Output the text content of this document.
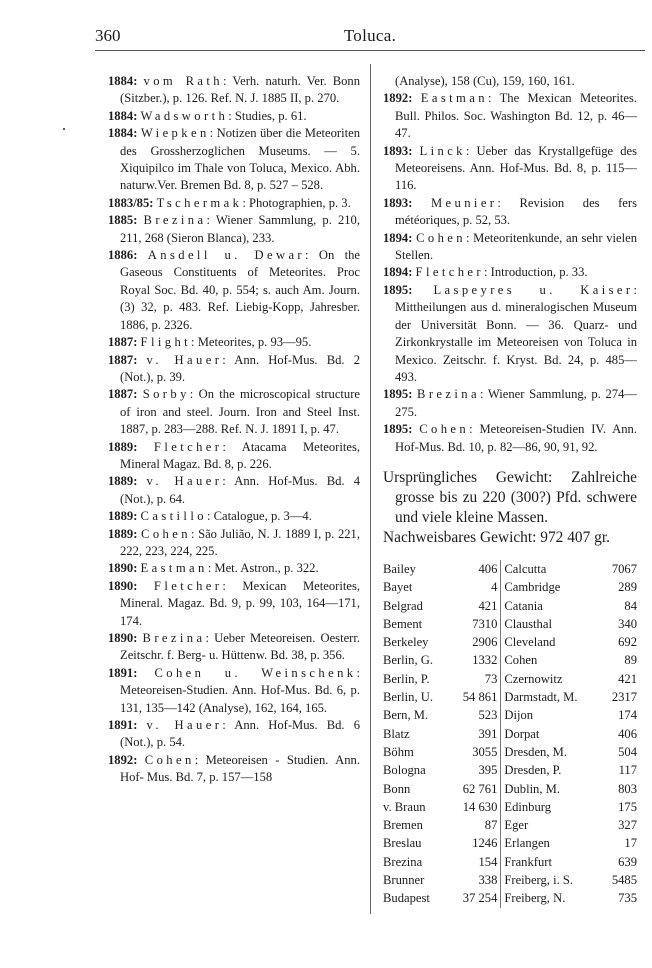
360	Toluca.

1884: vom Rath: Verh. naturh. Ver. Bonn (Sitzber.), p. 126. Ref. N. J. 1885 II, p. 270.

1884: Wadsworth: Studies, p. 61.

1884: Wiepken: Notizen über die Meteoriten des Grossherzoglichen Museums. — 5. Xiquipilco im Thale von Toluca, Mexico. Abh. naturw.Ver. Bremen Bd. 8, p. 527 – 528.

1883/85: Tschermak: Photographien, p. 3.

1885: Brezina: Wiener Sammlung, p. 210, 211, 268 (Sieron Blanca), 233.

1886: Ansdell u. Dewar: On the Gaseous Constituents of Meteorites. Proc Royal Soc. Bd. 40, p. 554; s. auch Am. Journ. (3) 32, p. 483. Ref. Liebig-Kopp, Jahresber. 1886, p. 2326.

1887: Flight: Meteorites, p. 93—95.

1887: v. Hauer: Ann. Hof-Mus. Bd. 2 (Not.), p. 39.

1887: Sorby: On the microscopical structure of iron and steel. Journ. Iron and Steel Inst. 1887, p. 283—288. Ref. N. J. 1891 I, p. 47.

1889: Fletcher: Atacama Meteorites, Mineral Magaz. Bd. 8, p. 226.

1889: v. Hauer: Ann. Hof-Mus. Bd. 4 (Not.), p. 64.

1889: Castillo: Catalogue, p. 3—4.

1889: Cohen: São Julião, N. J. 1889 I, p. 221, 222, 223, 224, 225.

1890: Eastman: Met. Astron., p. 322.

1890: Fletcher: Mexican Meteorites, Mineral. Magaz. Bd. 9, p. 99, 103, 164—171, 174.

1890: Brezina: Ueber Meteoreisen. Oesterr. Zeitschr. f. Berg- u. Hüttenw. Bd. 38, p. 356.

1891: Cohen u. Weinschenk: Meteoreisen-Studien. Ann. Hof-Mus. Bd. 6, p. 131, 135—142 (Analyse), 162, 164, 165.

1891: v. Hauer: Ann. Hof-Mus. Bd. 6 (Not.), p. 54.

1892: Cohen: Meteoreisen - Studien. Ann. Hof- Mus. Bd. 7, p. 157—158

(Analyse), 158 (Cu), 159, 160, 161.

1892: Eastman: The Mexican Meteorites. Bull. Philos. Soc. Washington Bd. 12, p. 46—47.

1893: Linck: Ueber das Krystallgefüge des Meteoreisens. Ann. Hof-Mus. Bd. 8, p. 115—116.

1893: Meunier: Revision des fers météoriques, p. 52, 53.

1894: Cohen: Meteoritenkunde, an sehr vielen Stellen.

1894: Fletcher: Introduction, p. 33.

1895: Laspeyres u. Kaiser: Mittheilungen aus d. mineralogischen Museum der Universität Bonn. — 36. Quarz- und Zirkonkrystalle im Meteoreisen von Toluca in Mexico. Zeitschr. f. Kryst. Bd. 24, p. 485—493.

1895: Brezina: Wiener Sammlung, p. 274—275.

1895: Cohen: Meteoreisen-Studien IV. Ann. Hof-Mus. Bd. 10, p. 82—86, 90, 91, 92.

Ursprüngliches Gewicht: Zahlreiche grosse bis zu 220 (300?) Pfd. schwere und viele kleine Massen.

Nachweisbares Gewicht: 972 407 gr.

Bailey	406	Calcutta	7067
Bayet	4	Cambridge	289
Belgrad	421	Catania	84
Bement	7310	Clausthal	340
Berkeley	2906	Cleveland	692
Berlin, G.	1332	Cohen	89
Berlin, P.	73	Czernowitz	421
Berlin, U.	54 861	Darmstadt, M.	2317
Bern, M.	523	Dijon	174
Blatz	391	Dorpat	406
Böhm	3055	Dresden, M.	504
Bologna	395	Dresden, P.	117
Bonn	62 761	Dublin, M.	803
v. Braun	14 630	Edinburg	175
Bremen	87	Eger	327
Breslau	1246	Erlangen	17
Brezina	154	Frankfurt	639
Brunner	338	Freiberg, i. S.	5485
Budapest	37 254	Freiberg, N.	735
